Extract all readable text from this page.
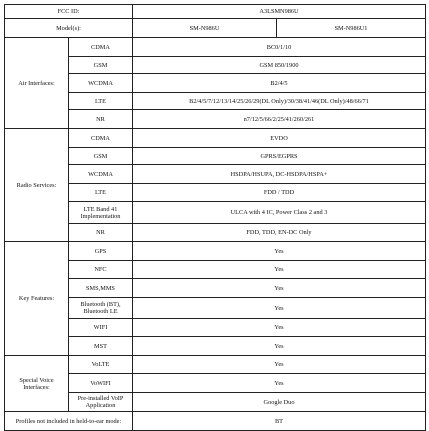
FCC ID:		A3LSMN986U	
Model(s):		SM-N986U	SM-N986U1
Air Interfaces:	CDMA	BC0/1/10	
	GSM	GSM 850/1900	
	WCDMA	B2/4/5	
	LTE	B2/4/5/7/12/13/14/25/26/29(DL Only)/30/38/41/46(DL Only)/48/66/71	
	NR	n7/12/5/66/2/25/41/260/261	
Radio Services:	CDMA	EVDO	
	GSM	GPRS/EGPRS	
	WCDMA	HSDPA/HSUPA, DC-HSDPA/HSPA+	
	LTE	FDD / TDD	
	LTE Band 41 Implementation	ULCA with 4 IC, Power Class 2 and 3	
	NR	FDD, TDD, EN-DC Only	
Key Features:	GPS	Yes	
	NFC	Yes	
	SMS,MMS	Yes	
	Bluetooth (BT), Bluetooth LE	Yes	
	WIFI	Yes	
	MST	Yes	
Special Voice Interfaces:	VoLTE	Yes	
	VoWIFI	Yes	
	Pre-installed VoIP Application	Google Duo	
Profiles not included in held-to-ear mode:		BT	
